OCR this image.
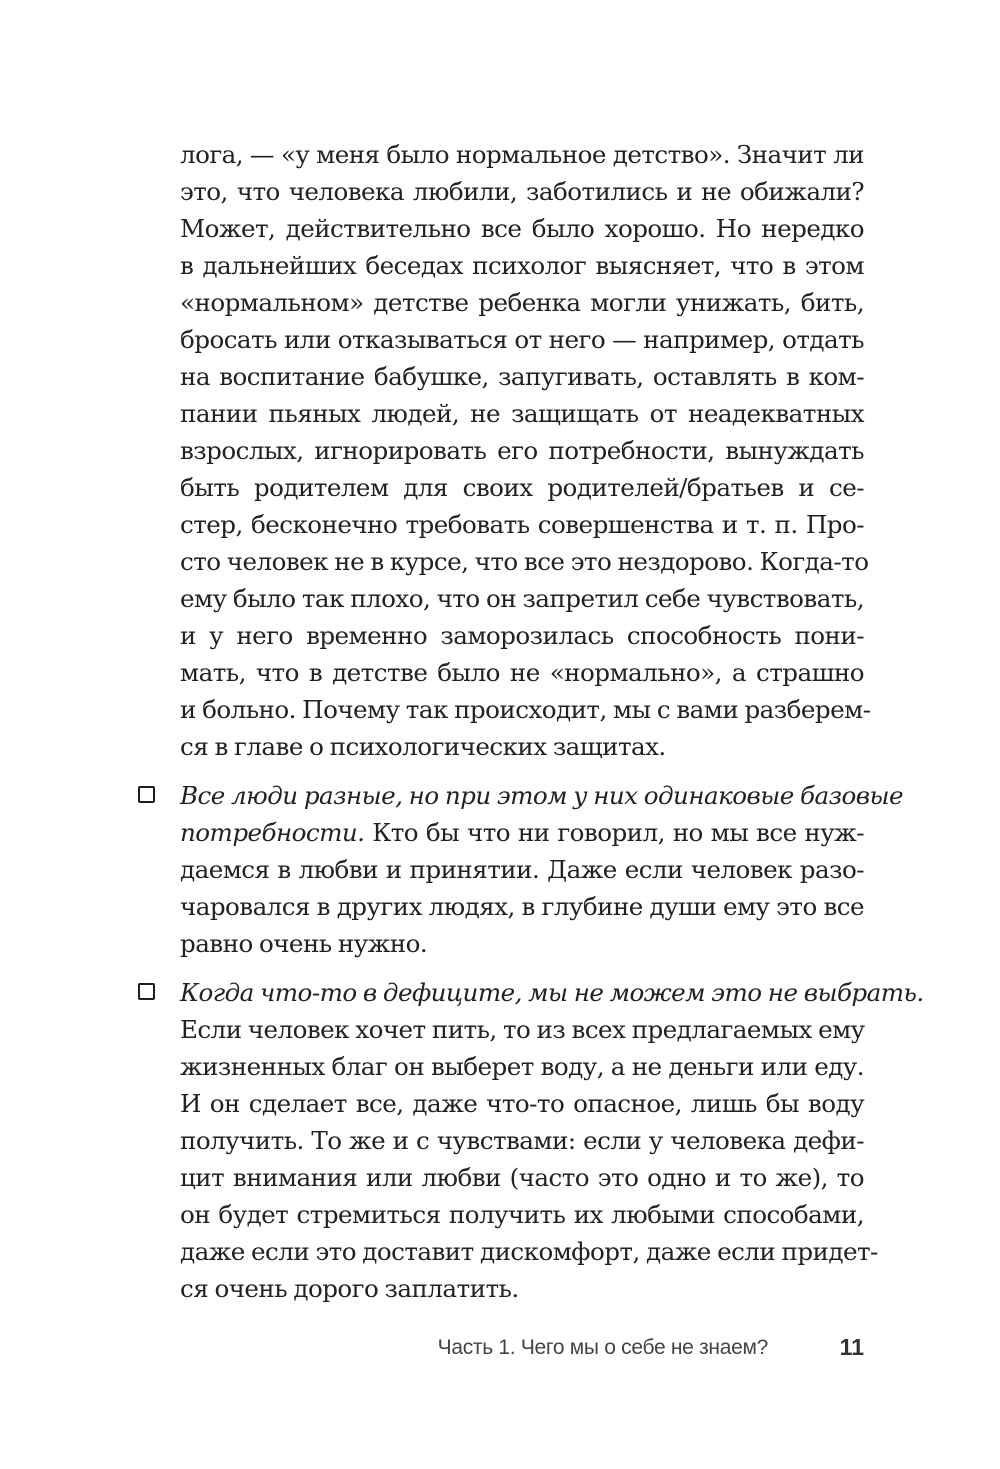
лога, — «у меня было нормальное детство». Значит ли
это, что человека любили, заботились и не обижали?
Может, действительно все было хорошо. Но нередко
в дальнейших беседах психолог выясняет, что в этом
«нормальном» детстве ребенка могли унижать, бить,
бросать или отказываться от него — например, отдать
на воспитание бабушке, запугивать, оставлять в ком-
пании пьяных людей, не защищать от неадекватных
взрослых, игнорировать его потребности, вынуждать
быть родителем для своих родителей/братьев и се-
стер, бесконечно требовать совершенства и т. п. Про-
сто человек не в курсе, что все это нездорово. Когда-то
ему было так плохо, что он запретил себе чувствовать,
и у него временно заморозилась способность пони-
мать, что в детстве было не «нормально», а страшно
и больно. Почему так происходит, мы с вами разберем-
ся в главе о психологических защитах.
Все люди разные, но при этом у них одинаковые базовые
потребности. Кто бы что ни говорил, но мы все нуж-
даемся в любви и принятии. Даже если человек разо-
чаровался в других людях, в глубине души ему это все
равно очень нужно.
Когда что-то в дефиците, мы не можем это не выбрать.
Если человек хочет пить, то из всех предлагаемых ему
жизненных благ он выберет воду, а не деньги или еду.
И он сделает все, даже что-то опасное, лишь бы воду
получить. То же и с чувствами: если у человека дефи-
цит внимания или любви (часто это одно и то же), то
он будет стремиться получить их любыми способами,
даже если это доставит дискомфорт, даже если придет-
ся очень дорого заплатить.
Часть 1. Чего мы о себе не знаем?	11
